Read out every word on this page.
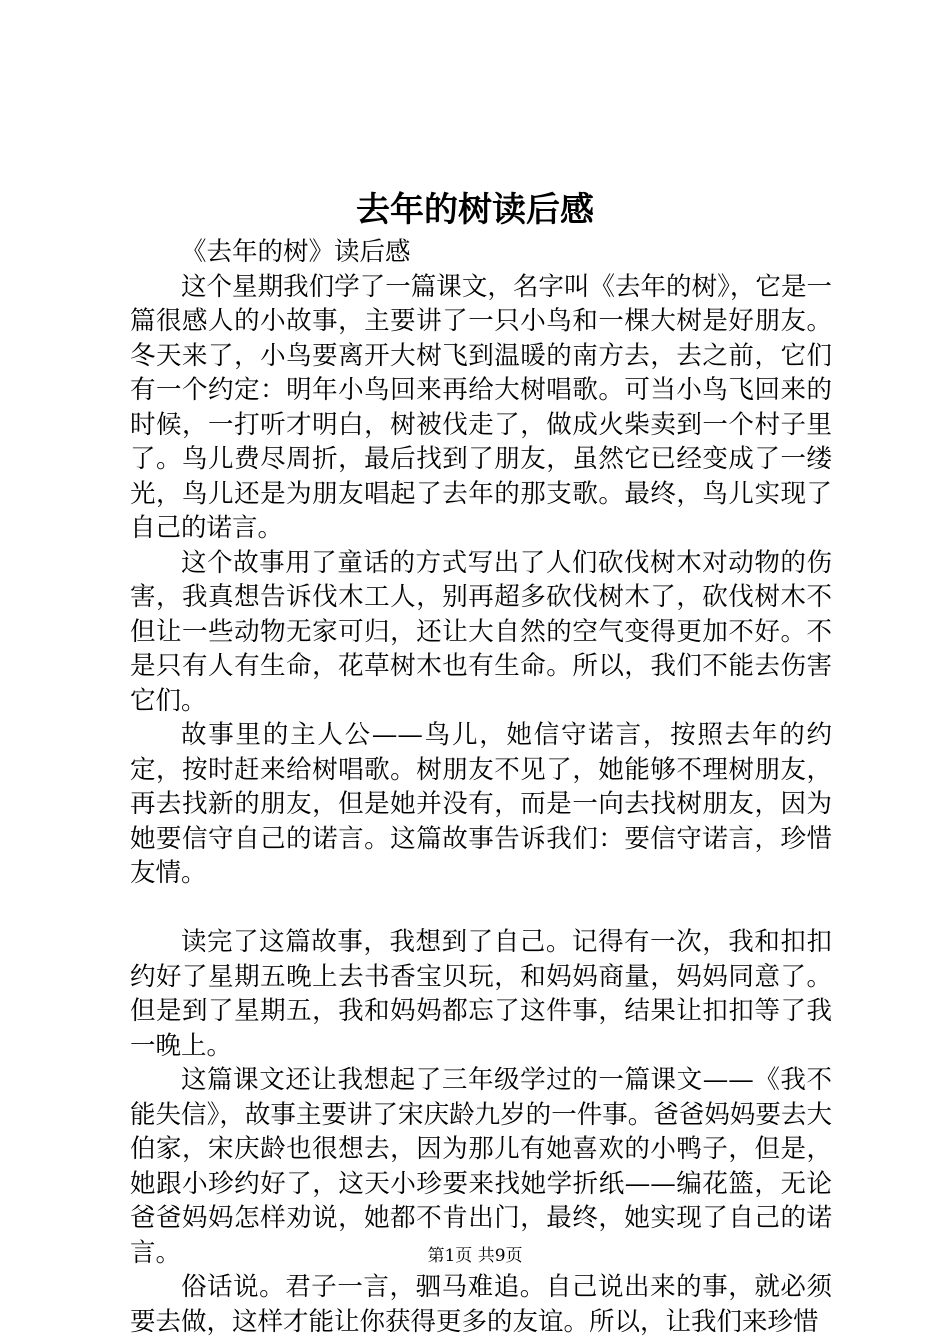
去年的树读后感

《去年的树》读后感

这个星期我们学了一篇课文，名字叫《去年的树》，它是一篇很感人的小故事，主要讲了一只小鸟和一棵大树是好朋友。冬天来了，小鸟要离开大树飞到温暖的南方去，去之前，它们有一个约定：明年小鸟回来再给大树唱歌。可当小鸟飞回来的时候，一打听才明白，树被伐走了，做成火柴卖到一个村子里了。鸟儿费尽周折，最后找到了朋友，虽然它已经变成了一缕光，鸟儿还是为朋友唱起了去年的那支歌。最终，鸟儿实现了自己的诺言。

这个故事用了童话的方式写出了人们砍伐树木对动物的伤害，我真想告诉伐木工人，别再超多砍伐树木了，砍伐树木不但让一些动物无家可归，还让大自然的空气变得更加不好。不是只有人有生命，花草树木也有生命。所以，我们不能去伤害它们。

故事里的主人公——鸟儿，她信守诺言，按照去年的约定，按时赶来给树唱歌。树朋友不见了，她能够不理树朋友，再去找新的朋友，但是她并没有，而是一向去找树朋友，因为她要信守自己的诺言。这篇故事告诉我们：要信守诺言，珍惜友情。

读完了这篇故事，我想到了自己。记得有一次，我和扣扣约好了星期五晚上去书香宝贝玩，和妈妈商量，妈妈同意了。但是到了星期五，我和妈妈都忘了这件事，结果让扣扣等了我一晚上。

这篇课文还让我想起了三年级学过的一篇课文——《我不能失信》，故事主要讲了宋庆龄九岁的一件事。爸爸妈妈要去大伯家，宋庆龄也很想去，因为那儿有她喜欢的小鸭子，但是，她跟小珍约好了，这天小珍要来找她学折纸——编花篮，无论爸爸妈妈怎样劝说，她都不肯出门，最终，她实现了自己的诺言。

俗话说。君子一言，驷马难追。自己说出来的事，就必须要去做，这样才能让你获得更多的友谊。所以，让我们来珍惜

第1页 共9页
